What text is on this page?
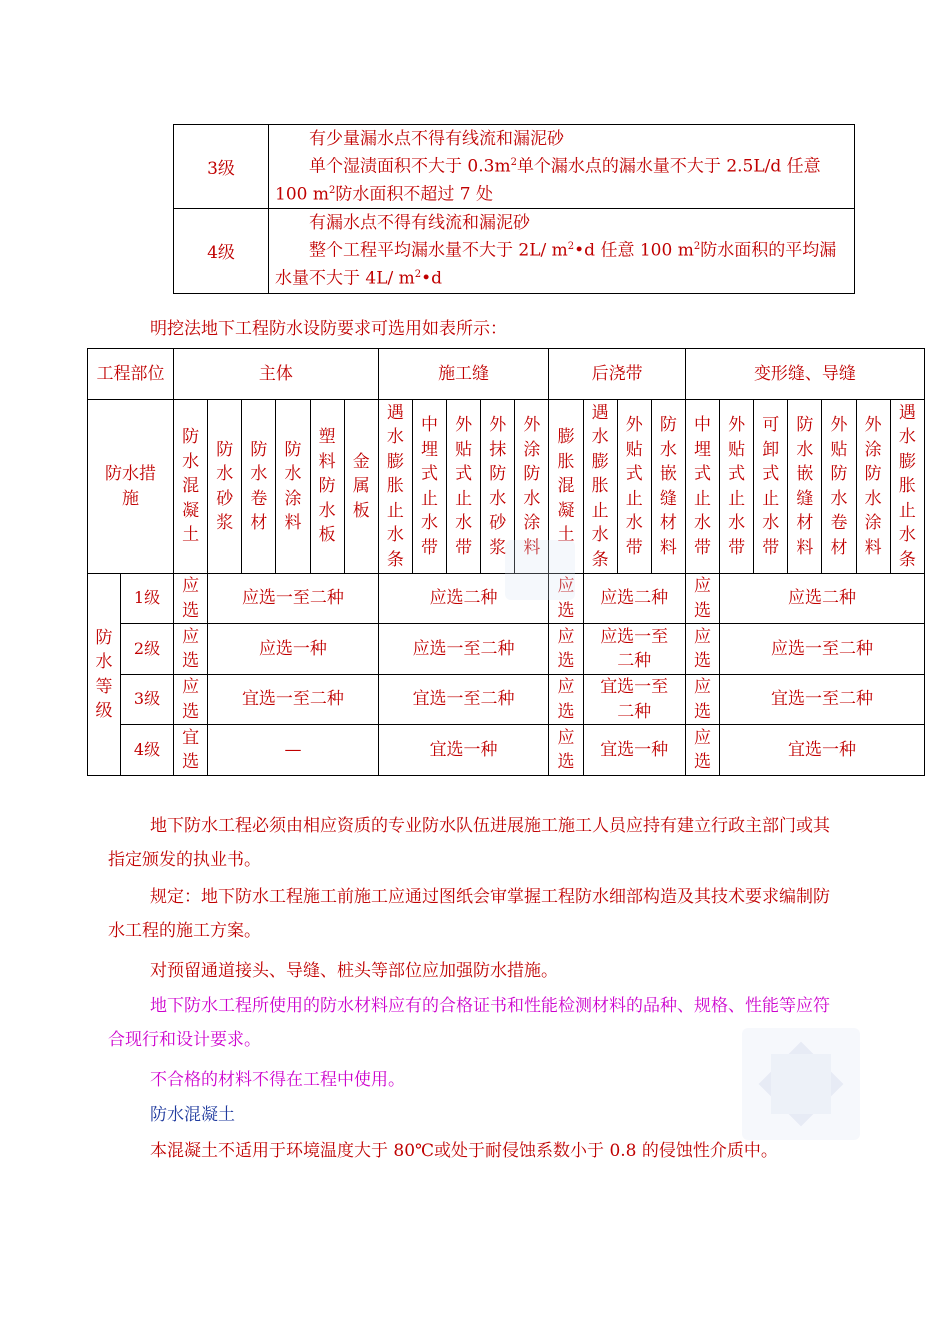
3级	有少量漏水点不得有线流和漏泥砂
单个湿渍面积不大于 $0.3m^2$单个漏水点的漏水量不大于 2.5L/d 任意 100 $m^2$防水面积不超过 7 处

4级	有漏水点不得有线流和漏泥砂
整个工程平均漏水量不大于 2L/ $m^2•d$ 任意 100 $m^2$防水面积的平均漏水量不大于 4L/ $m^2•d$
明挖法地下工程防水设防要求可选用如表所示：
工程部位		主体						施工缝					后浇带				变形缝、导缝						
防水措施		防水混凝土	防水砂浆	防水卷材	防水涂料	塑料防水板	金属板	遇水膨胀止水条	中埋式止水带	外贴式止水带	外抹防水砂浆	外涂防水涂料	膨胀混凝土	遇水膨胀止水条	外贴式止水带	防水嵌缝材料	中埋式止水带	外贴式止水带	可卸式止水带	防水嵌缝材料	外贴防水卷材	外涂防水涂料	遇水膨胀止水条
防水等级	1级	应选	应选一至二种					应选二种					应选	应选二种			应选	应选二种					
	2级	应选	应选一种					应选一至二种					应选	应选一至二种			应选	应选一至二种					
	3级	应选	宜选一至二种					宜选一至二种					应选	宜选一至二种			应选	宜选一至二种					
	4级	宜选	—					宜选一种					应选	宜选一种			应选	宜选一种					

地下防水工程必须由相应资质的专业防水队伍进展施工施工人员应持有建立行政主部门或其指定颁发的执业书。

规定：地下防水工程施工前施工应通过图纸会审掌握工程防水细部构造及其技术要求编制防水工程的施工方案。

对预留通道接头、导缝、桩头等部位应加强防水措施。

地下防水工程所使用的防水材料应有的合格证书和性能检测材料的品种、规格、性能等应符合现行和设计要求。

不合格的材料不得在工程中使用。

防水混凝土

本混凝土不适用于环境温度大于 80℃或处于耐侵蚀系数小于 0.8 的侵蚀性介质中。
